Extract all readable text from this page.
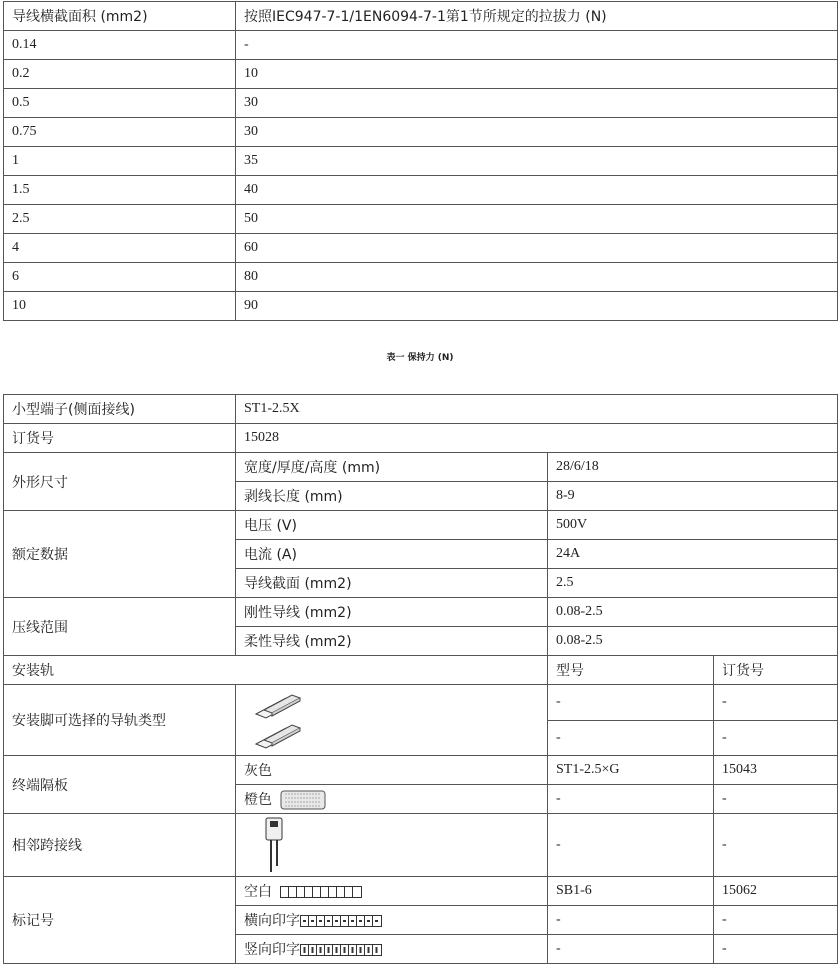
导线横截面积 (mm2)	按照IEC947-7-1/1EN6094-7-1第1节所规定的拉拔力 (N)
0.14	-
0.2	10
0.5	30
0.75	30
1	35
1.5	40
2.5	50
4	60
6	80
10	90
表一 保持力 (N)
小型端子(侧面接线)	ST1-2.5X		
订货号	15028		
外形尺寸	宽度/厚度/高度 (mm)	28/6/18	
	剥线长度 (mm)	8-9	
额定数据	电压 (V)	500V	
	电流 (A)	24A	
	导线截面 (mm2)	2.5	
压线范围	刚性导线 (mm2)	0.08-2.5	
	柔性导线 (mm2)	0.08-2.5	
安装轨		型号	订货号
安装脚可选择的导轨类型		-	-
		-	-
终端隔板	灰色	ST1-2.5×G	15043
	橙色	-	-
相邻跨接线		-	-
标记号	空白	SB1-6	15062
	横向印字	-	-
	竖向印字	-	-
